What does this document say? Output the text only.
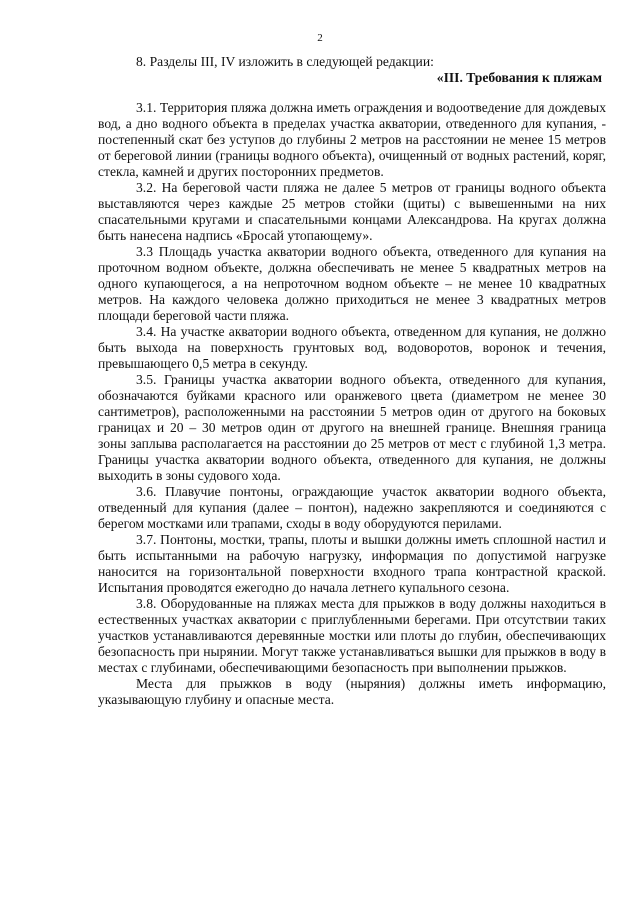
2

8. Разделы III, IV изложить в следующей редакции:

«III. Требования к пляжам

3.1. Территория пляжа должна иметь ограждения и водоотведение для дождевых вод, а дно водного объекта в пределах участка акватории, отведенного для купания, - постепенный скат без уступов до глубины 2 метров на расстоянии не менее 15 метров от береговой линии (границы водного объекта), очищенный от водных растений, коряг, стекла, камней и других посторонних предметов.

3.2. На береговой части пляжа не далее 5 метров от границы водного объекта выставляются через каждые 25 метров стойки (щиты) с вывешенными на них спасательными кругами и спасательными концами Александрова. На кругах должна быть нанесена надпись «Бросай утопающему».

3.3 Площадь участка акватории водного объекта, отведенного для купания на проточном водном объекте, должна обеспечивать не менее 5 квадратных метров на одного купающегося, а на непроточном водном объекте – не менее 10 квадратных метров. На каждого человека должно приходиться не менее 3 квадратных метров площади береговой части пляжа.

3.4. На участке акватории водного объекта, отведенном для купания, не должно быть выхода на поверхность грунтовых вод, водоворотов, воронок и течения, превышающего 0,5 метра в секунду.

3.5. Границы участка акватории водного объекта, отведенного для купания, обозначаются буйками красного или оранжевого цвета (диаметром не менее 30 сантиметров), расположенными на расстоянии 5 метров один от другого на боковых границах и 20 – 30 метров один от другого на внешней границе. Внешняя граница зоны заплыва располагается на расстоянии до 25 метров от мест с глубиной 1,3 метра. Границы участка акватории водного объекта, отведенного для купания, не должны выходить в зоны судового хода.

3.6. Плавучие понтоны, ограждающие участок акватории водного объекта, отведенный для купания (далее – понтон), надежно закрепляются и соединяются с берегом мостками или трапами, сходы в воду оборудуются перилами.

3.7. Понтоны, мостки, трапы, плоты и вышки должны иметь сплошной настил и быть испытанными на рабочую нагрузку, информация по допустимой нагрузке наносится на горизонтальной поверхности входного трапа контрастной краской. Испытания проводятся ежегодно до начала летнего купального сезона.

3.8. Оборудованные на пляжах места для прыжков в воду должны находиться в естественных участках акватории с приглубленными берегами. При отсутствии таких участков устанавливаются деревянные мостки или плоты до глубин, обеспечивающих безопасность при нырянии. Могут также устанавливаться вышки для прыжков в воду в местах с глубинами, обеспечивающими безопасность при выполнении прыжков.

Места для прыжков в воду (ныряния) должны иметь информацию, указывающую глубину и опасные места.
